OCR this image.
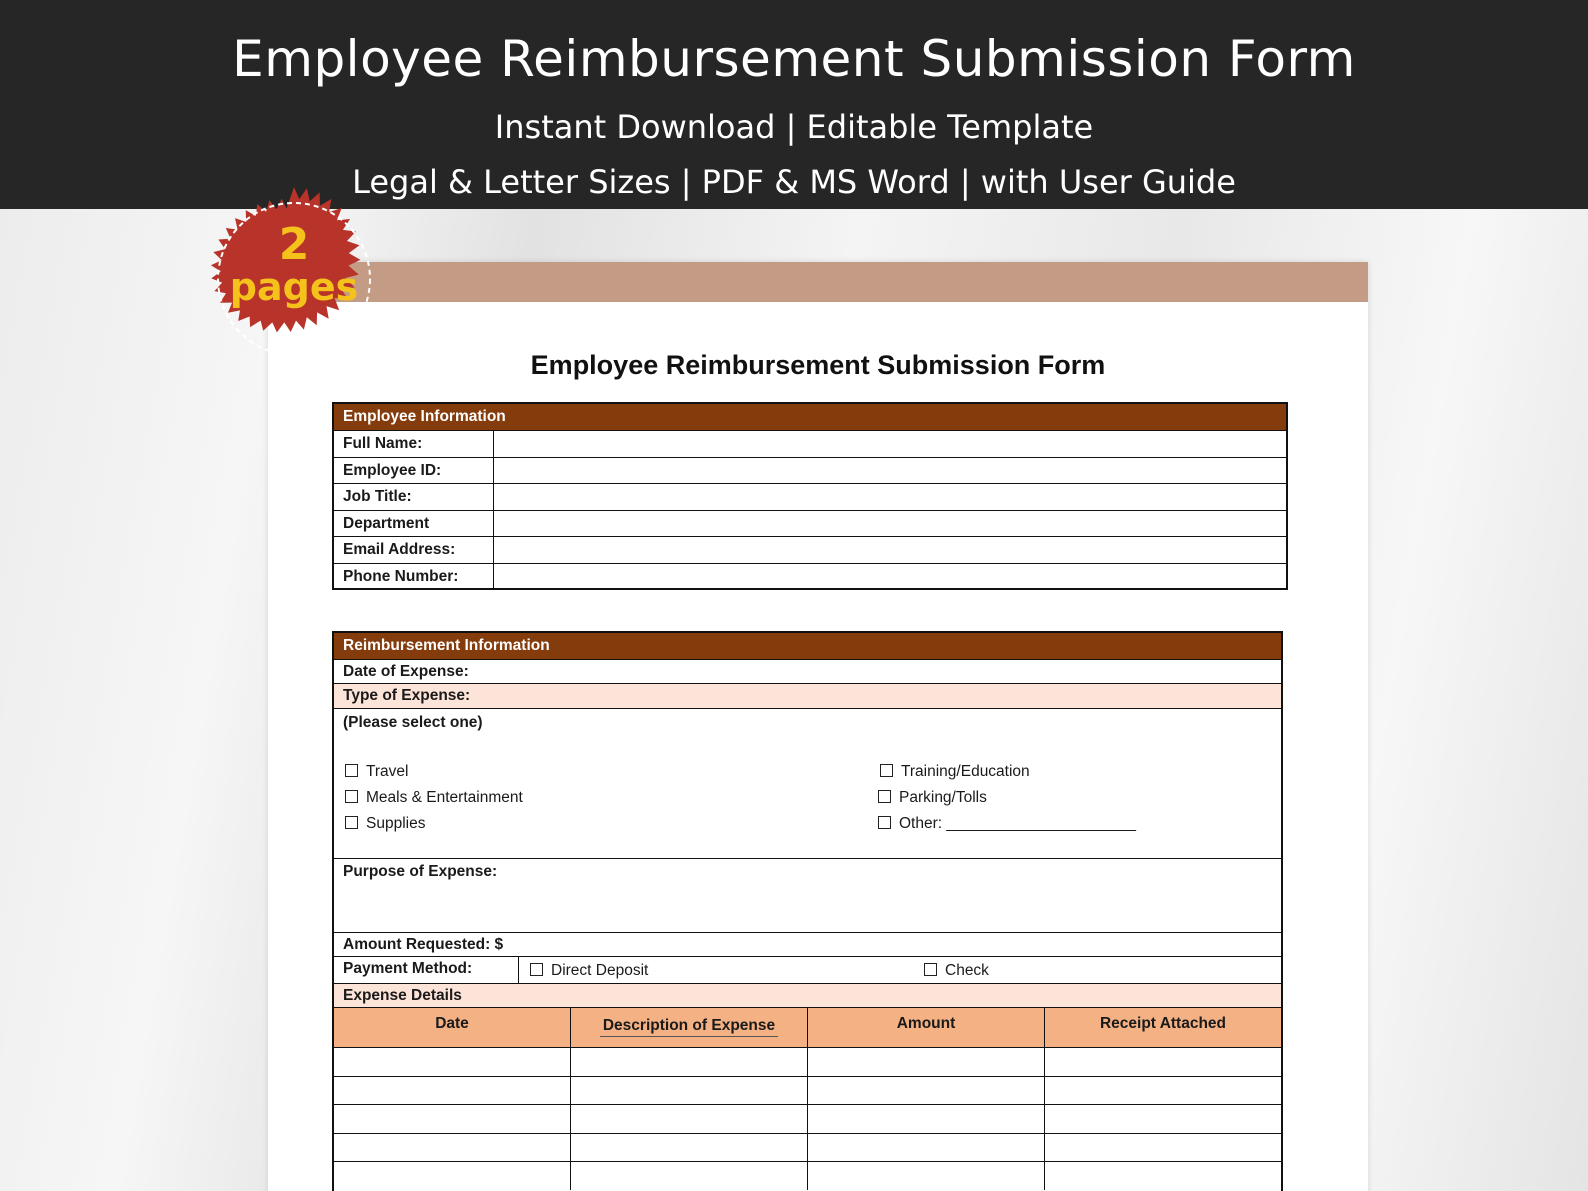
Employee Reimbursement Submission Form
Instant Download | Editable Template
Legal & Letter Sizes | PDF & MS Word | with User Guide
Employee Reimbursement Submission Form
Employee Information
Full Name:
Employee ID:
Job Title:
Department
Email Address:
Phone Number:
Reimbursement Information
Date of Expense:
Type of Expense:
(Please select one)
Travel
Meals & Entertainment
Supplies
Training/Education
Parking/Tolls
Other: ______________________
Purpose of Expense:
Amount Requested: $
Payment Method:	Direct Deposit	Check
Expense Details
Date	Description of Expense	Amount	Receipt Attached
2
pages
